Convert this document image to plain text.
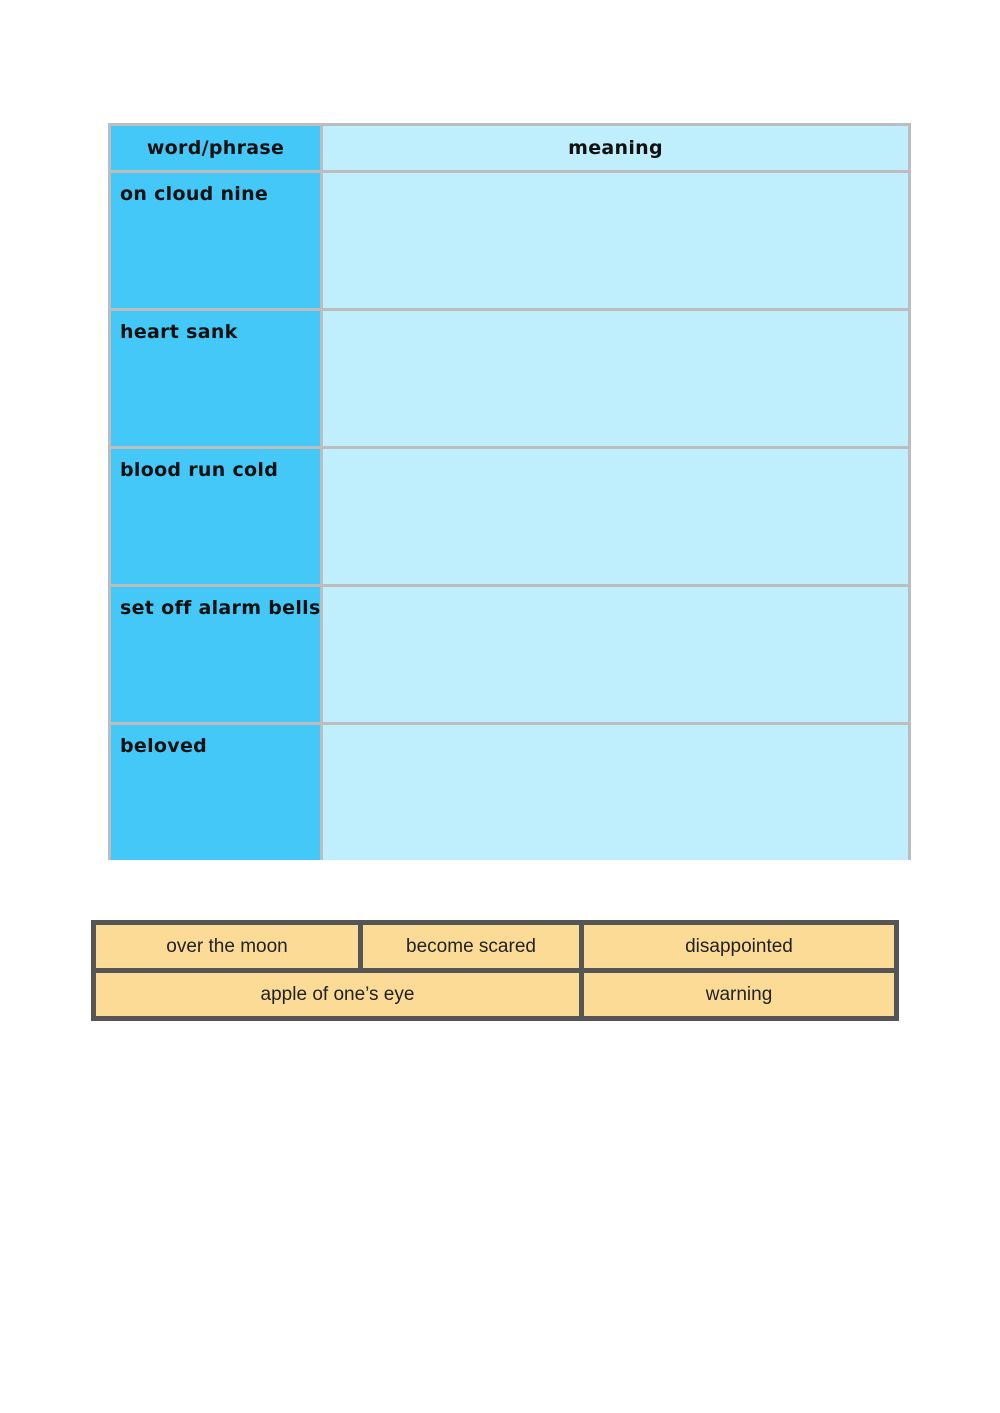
word/phrase	meaning
on cloud nine
heart sank
blood run cold
set off alarm bells
beloved
over the moon	become scared	disappointed
apple of one’s eye	warning
